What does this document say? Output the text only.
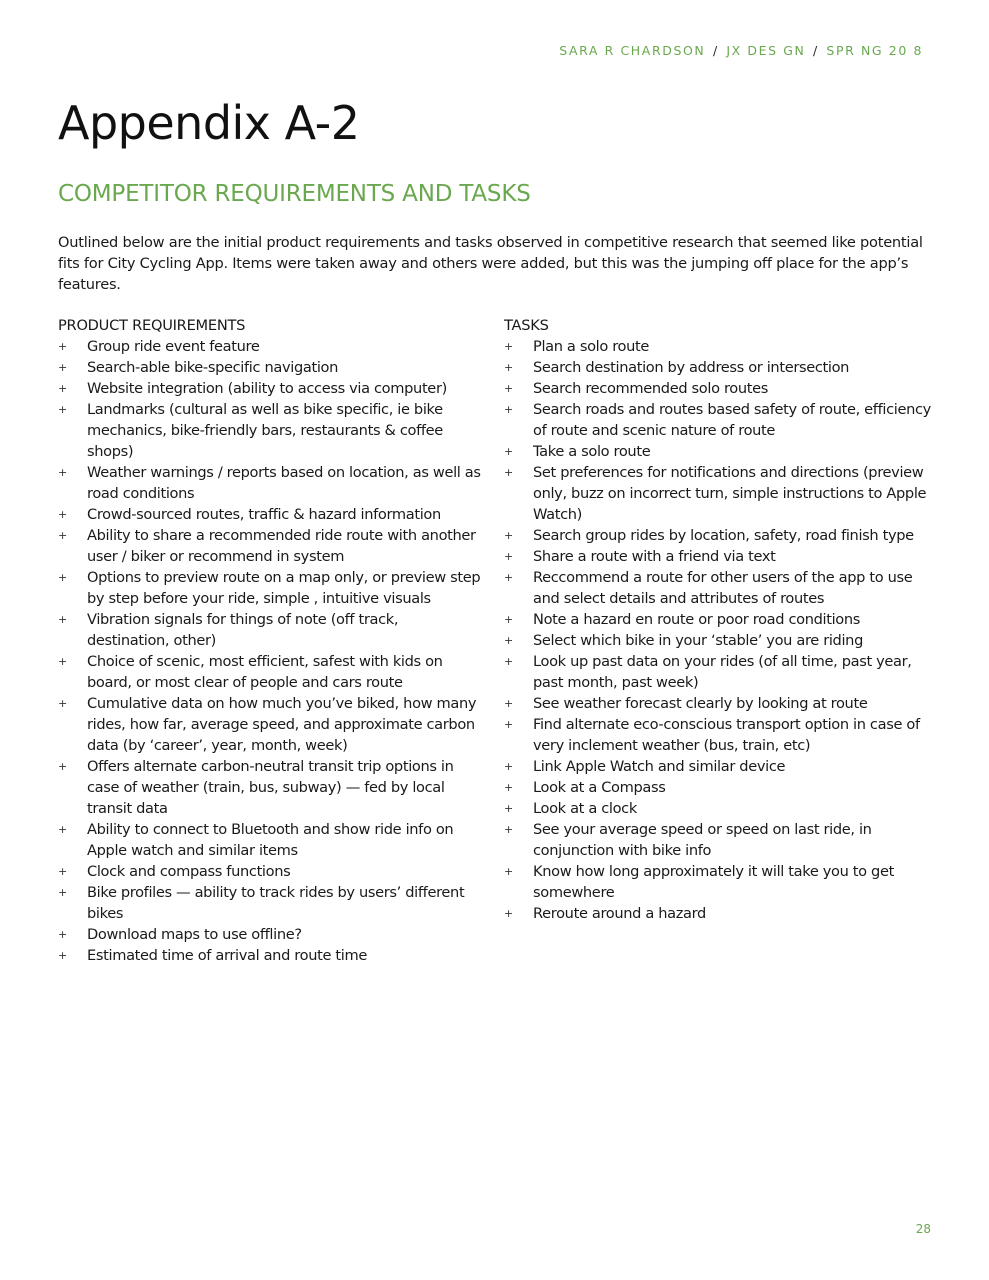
SARA R CHARDSON / JX DES GN / SPR NG 20 8
Appendix A-2
COMPETITOR REQUIREMENTS AND TASKS

Outlined below are the initial product requirements and tasks observed in competitive research that seemed like potential fits for City Cycling App. Items were taken away and others were added, but this was the jumping off place for the app’s features.

PRODUCT REQUIREMENTS
+ Group ride event feature
+ Search-able bike-specific navigation
+ Website integration (ability to access via computer)
+ Landmarks (cultural as well as bike specific, ie bike mechanics, bike-friendly bars, restaurants & coffee shops)
+ Weather warnings / reports based on location, as well as road conditions
+ Crowd-sourced routes, traffic & hazard information
+ Ability to share a recommended ride route with another user / biker or recommend in system
+ Options to preview route on a map only, or preview step by step before your ride, simple , intuitive visuals
+ Vibration signals for things of note (off track, destination, other)
+ Choice of scenic, most efficient, safest with kids on board, or most clear of people and cars route
+ Cumulative data on how much you’ve biked, how many rides, how far, average speed, and approximate carbon data (by ‘career’, year, month, week)
+ Offers alternate carbon-neutral transit trip options in case of weather (train, bus, subway) — fed by local transit data
+ Ability to connect to Bluetooth and show ride info on Apple watch and similar items
+ Clock and compass functions
+ Bike profiles — ability to track rides by users’ different bikes
+ Download maps to use offline?
+ Estimated time of arrival and route time
TASKS
+ Plan a solo route
+ Search destination by address or intersection
+ Search recommended solo routes
+ Search roads and routes based safety of route, efficiency of route and scenic nature of route
+ Take a solo route
+ Set preferences for notifications and directions (preview only, buzz on incorrect turn, simple instructions to Apple Watch)
+ Search group rides by location, safety, road finish type
+ Share a route with a friend via text
+ Reccommend a route for other users of the app to use and select details and attributes of routes
+ Note a hazard en route or poor road conditions
+ Select which bike in your ‘stable’ you are riding
+ Look up past data on your rides (of all time, past year, past month, past week)
+ See weather forecast clearly by looking at route
+ Find alternate eco-conscious transport option in case of very inclement weather (bus, train, etc)
+ Link Apple Watch and similar device
+ Look at a Compass
+ Look at a clock
+ See your average speed or speed on last ride, in conjunction with bike info
+ Know how long approximately it will take you to get somewhere
+ Reroute around a hazard
28
